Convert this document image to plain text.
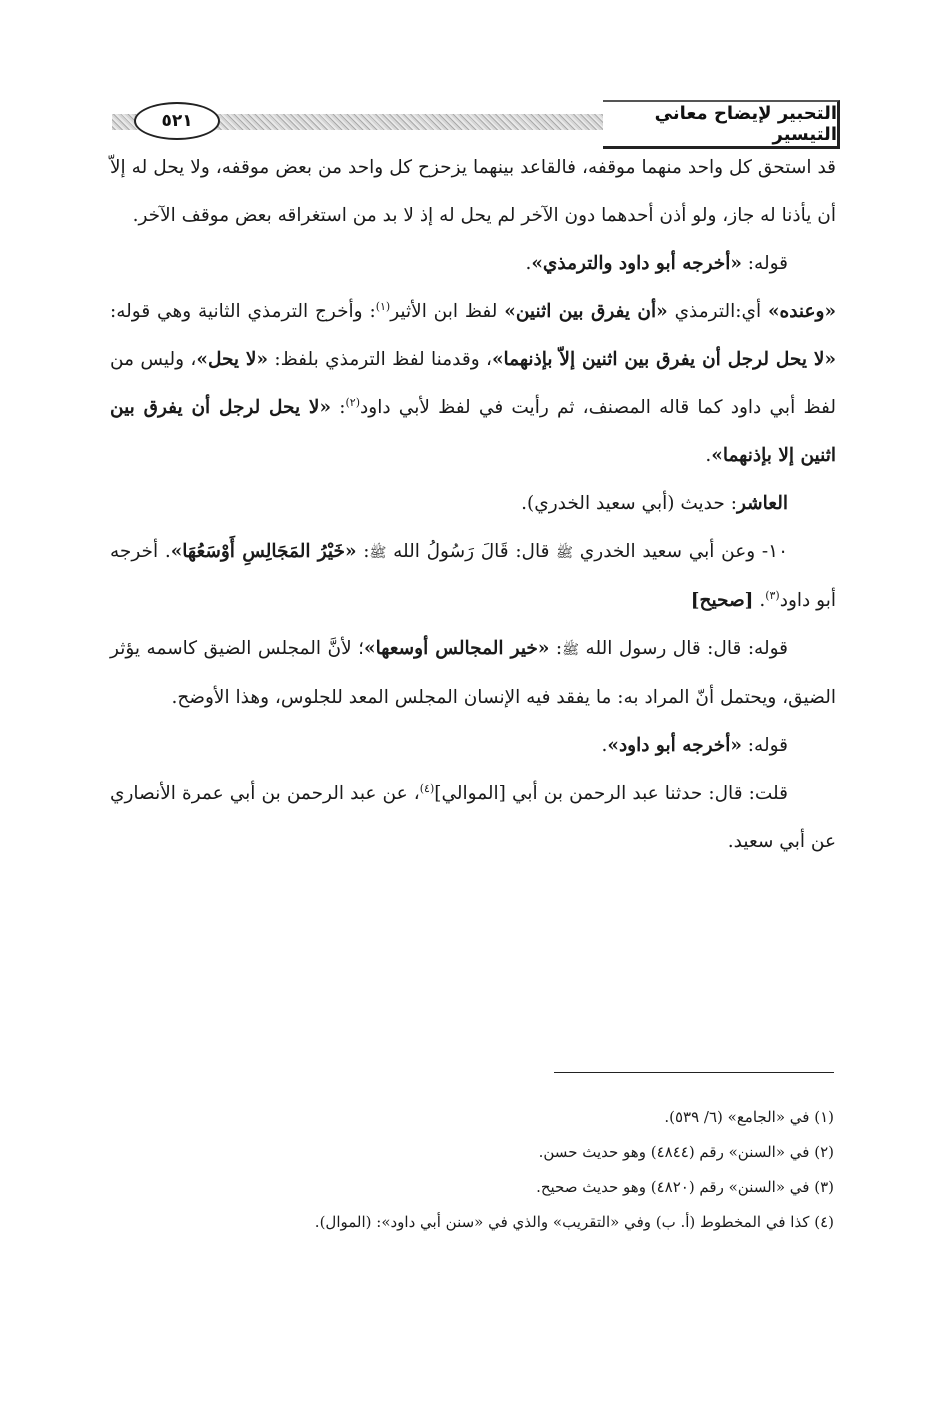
التحبير لإيضاح معاني التيسير
٥٢١

قد استحق كل واحد منهما موقفه، فالقاعد بينهما يزحزح كل واحد من بعض موقفه، ولا يحل له إلاّ أن يأذنا له جاز، ولو أذن أحدهما دون الآخر لم يحل له إذ لا بد من استغراقه بعض موقف الآخر.

قوله: «أخرجه أبو داود والترمذي».

«وعنده» أي:الترمذي «أن يفرق بين اثنين» لفظ ابن الأثير$^{(١)}$: وأخرج الترمذي الثانية وهي قوله: «لا يحل لرجل أن يفرق بين اثنين إلاّ بإذنهما»، وقدمنا لفظ الترمذي بلفظ: «لا يحل»، وليس من لفظ أبي داود كما قاله المصنف، ثم رأيت في لفظ لأبي داود$^{(٢)}$: «لا يحل لرجل أن يفرق بين اثنين إلا بإذنهما».

العاشر: حديث (أبي سعيد الخدري).

١٠- وعن أبي سعيد الخدري ﷺ قال: قَالَ رَسُولُ الله ﷺ: «خَيْرُ المَجَالِسِ أَوْسَعُهَا». أخرجه أبو داود$^{(٣)}$. [صحيح]

قوله: قال: قال رسول الله ﷺ: «خير المجالس أوسعها»؛ لأنَّ المجلس الضيق كاسمه يؤثر الضيق، ويحتمل أنّ المراد به: ما يفقد فيه الإنسان المجلس المعد للجلوس، وهذا الأوضح.

قوله: «أخرجه أبو داود».

قلت: قال: حدثنا عبد الرحمن بن أبي [الموالي]$^{(٤)}$، عن عبد الرحمن بن أبي عمرة الأنصاري عن أبي سعيد.

(١) في «الجامع» (٦/ ٥٣٩).

(٢) في «السنن» رقم (٤٨٤٤) وهو حديث حسن.

(٣) في «السنن» رقم (٤٨٢٠) وهو حديث صحيح.

(٤) كذا في المخطوط (أ. ب) وفي «التقريب» والذي في «سنن أبي داود»: (الموال).
